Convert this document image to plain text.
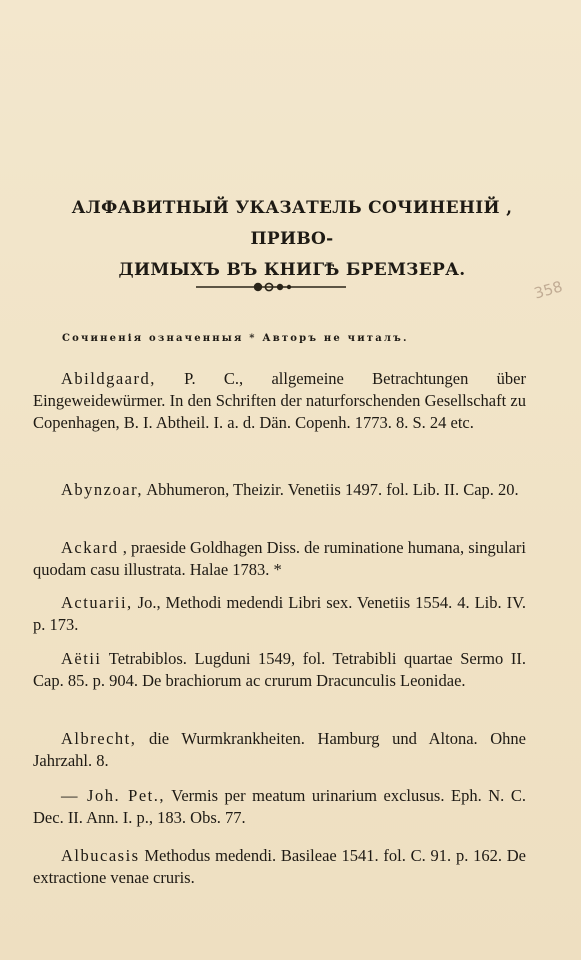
АЛФАВИТНЫЙ УКАЗАТЕЛЬ СОЧИНЕНІЙ , ПРИВО-
ДИМЫХЪ ВЪ КНИГѢ БРЕМЗЕРА.
358
Сочиненія означенныя * Авторъ не читалъ.

Abildgaard, P. C., allgemeine Betrachtungen über Eingeweidewürmer. In den Schriften der naturforschenden Gesellschaft zu Copenhagen, B. I. Abtheil. I. a. d. Dän. Copenh. 1773. 8. S. 24 etc.

Abynzoar, Abhumeron, Theizir. Venetiis 1497. fol. Lib. II. Cap. 20.

Ackard , praeside Goldhagen Diss. de ruminatione humana, singulari quodam casu illustrata. Halae 1783. *

Actuarii, Jo., Methodi medendi Libri sex. Venetiis 1554. 4. Lib. IV. p. 173.

Aëtii Tetrabiblos. Lugduni 1549, fol. Tetrabibli quartae Sermo II. Cap. 85. p. 904. De brachiorum ac crurum Dracunculis Leonidae.

Albrecht, die Wurmkrankheiten. Hamburg und Altona. Ohne Jahrzahl. 8.

— Joh. Pet., Vermis per meatum urinarium exclusus. Eph. N. C. Dec. II. Ann. I. p., 183. Obs. 77.

Albucasis Methodus medendi. Basileae 1541. fol. C. 91. p. 162. De extractione venae cruris.
